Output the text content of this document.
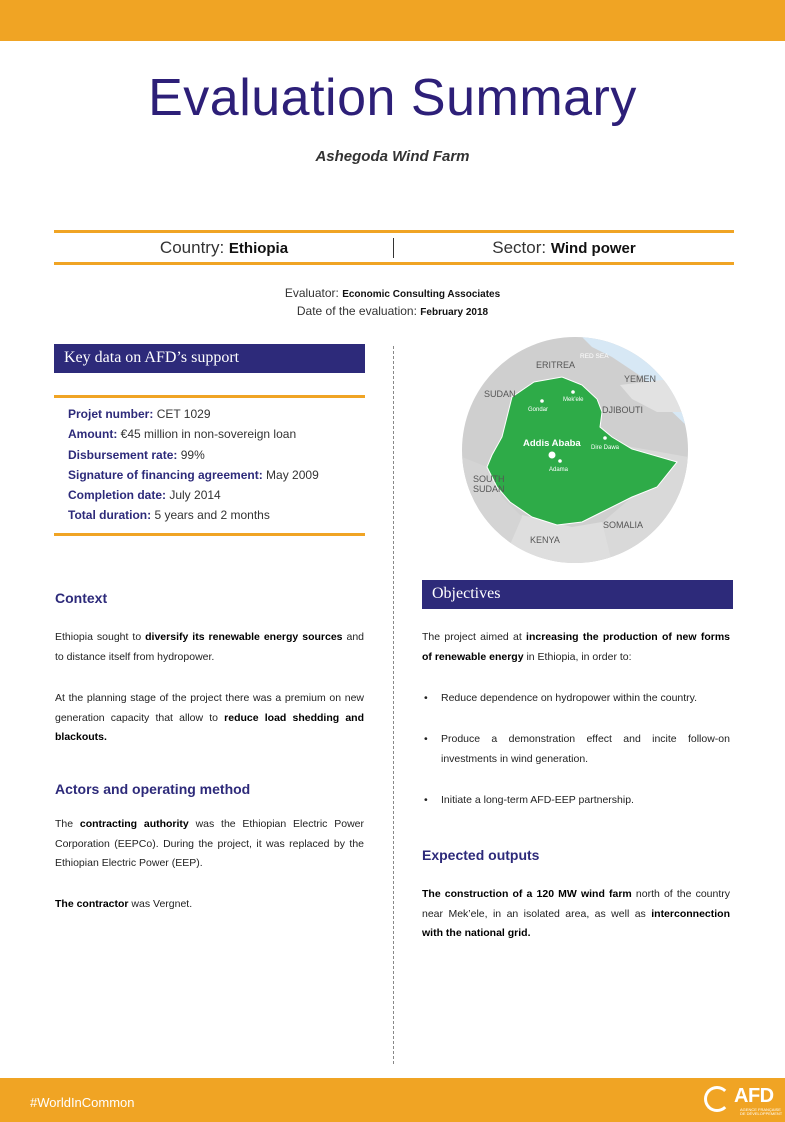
Evaluation Summary
Ashegoda Wind Farm
Country: Ethiopia	Sector: Wind power
Evaluator: Economic Consulting Associates
Date of the evaluation: February 2018
Key data on AFD’s support
Projet number: CET 1029
Amount: €45 million in non-sovereign loan
Disbursement rate: 99%
Signature of financing agreement: May 2009
Completion date: July 2014
Total duration: 5 years and 2 months
ERITREA
RED SEA
YEMEN
SUDAN
DJIBOUTI
SOUTH
SUDAN
SOMALIA
KENYA
Addis Ababa
Gondar
Mek'ele
Dire Dawa
Adama
Context
Ethiopia sought to diversify its renewable energy sources and to distance itself from hydropower.
At the planning stage of the project there was a premium on new generation capacity that allow to reduce load shedding and blackouts.
Actors and operating method
The contracting authority was the Ethiopian Electric Power Corporation (EEPCo). During the project, it was replaced by the Ethiopian Electric Power (EEP).
The contractor was Vergnet.
Objectives
The project aimed at increasing the production of new forms of renewable energy in Ethiopia, in order to:
• Reduce dependence on hydropower within the country.
• Produce a demonstration effect and incite follow-on investments in wind generation.
• Initiate a long-term AFD-EEP partnership.
Expected outputs
The construction of a 120 MW wind farm north of the country near Mek’ele, in an isolated area, as well as interconnection with the national grid.
#WorldInCommon	AFD
AGENCE FRANÇAISE
DE DÉVELOPPEMENT
